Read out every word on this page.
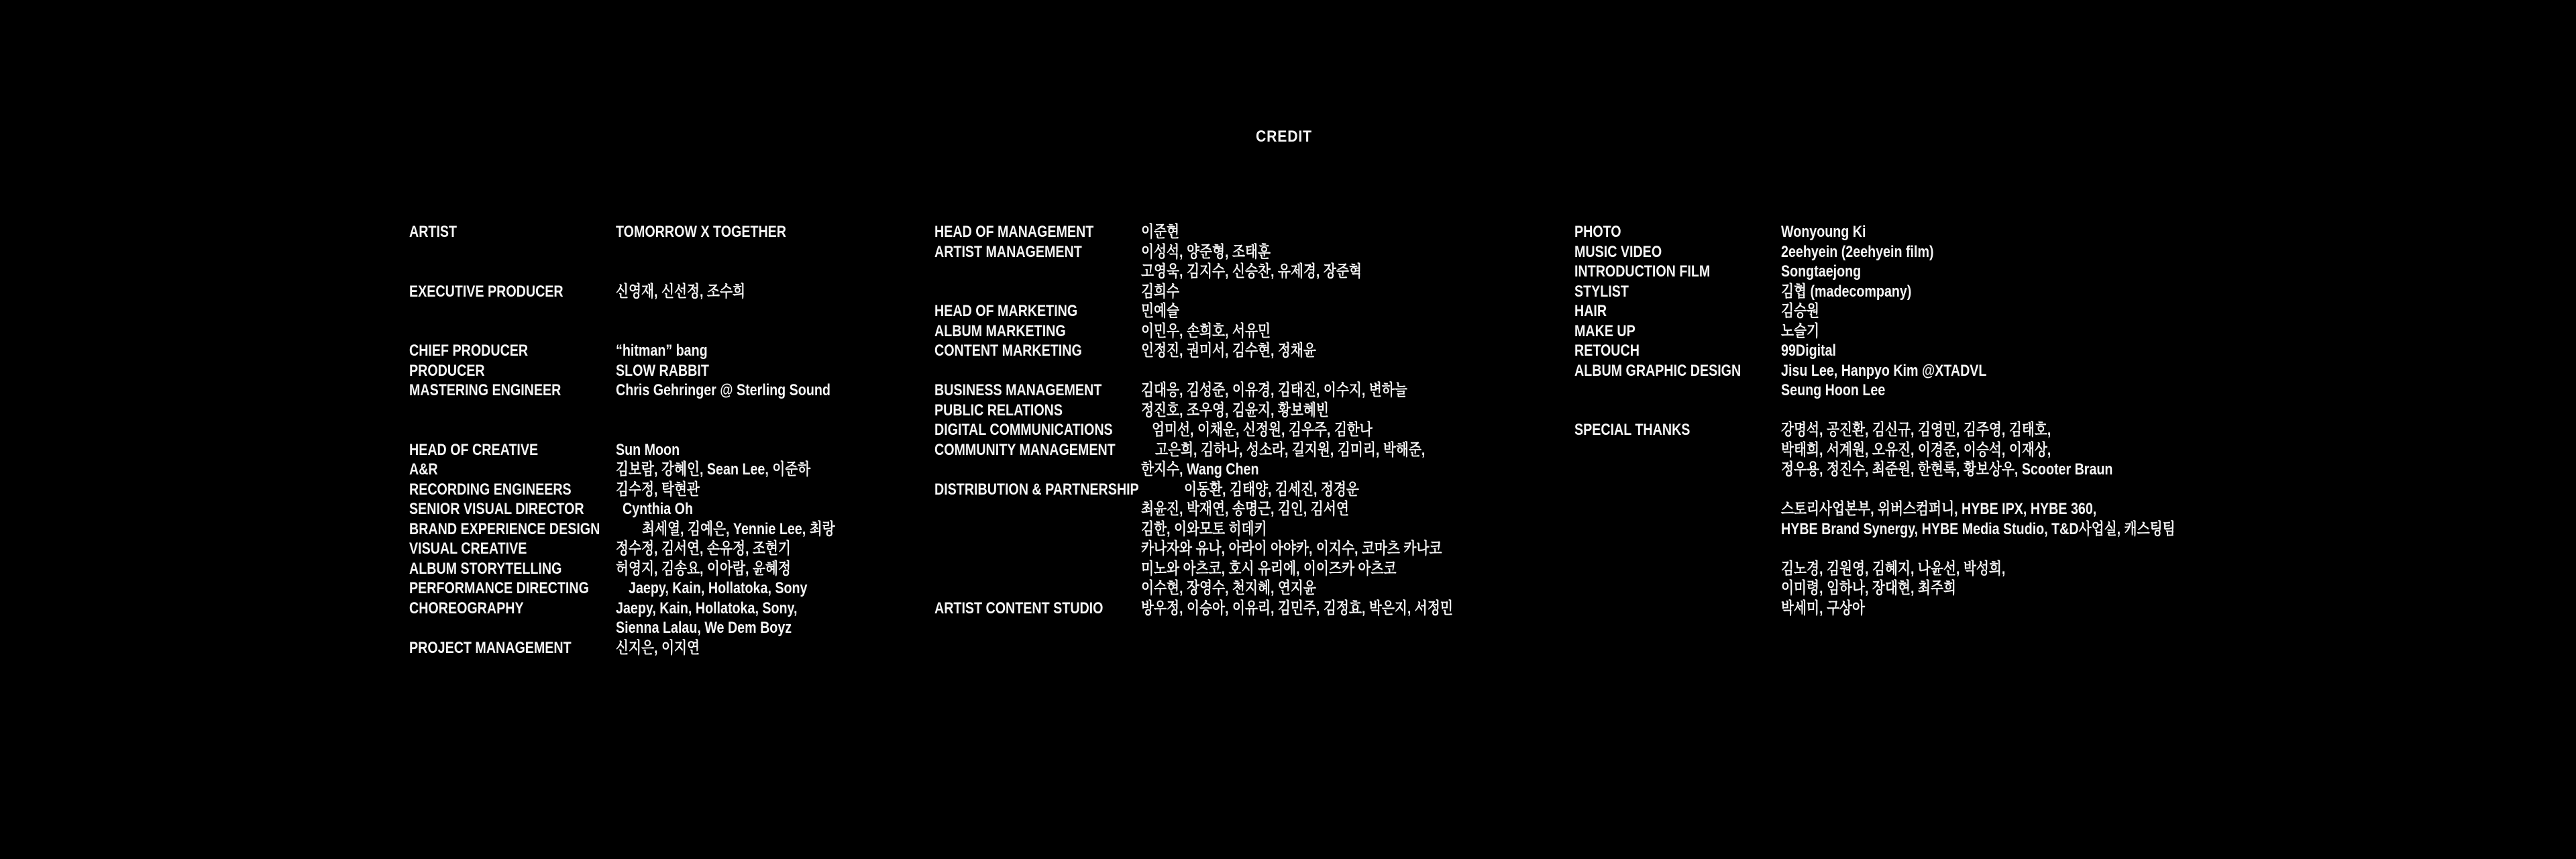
CREDIT
ARTIST	TOMORROW X TOGETHER
EXECUTIVE PRODUCER	신영재, 신선정, 조수희
CHIEF PRODUCER	“hitman” bang
PRODUCER	SLOW RABBIT
MASTERING ENGINEER	Chris Gehringer @ Sterling Sound
HEAD OF CREATIVE	Sun Moon
A&R	김보람, 강혜인, Sean Lee, 이준하
RECORDING ENGINEERS	김수정, 탁현관
SENIOR VISUAL DIRECTOR	Cynthia Oh
BRAND EXPERIENCE DESIGN	최세열, 김예은, Yennie Lee, 최랑
VISUAL CREATIVE	정수정, 김서연, 손유정, 조현기
ALBUM STORYTELLING	허영지, 김송요, 이아람, 윤혜정
PERFORMANCE DIRECTING	Jaepy, Kain, Hollatoka, Sony
CHOREOGRAPHY	Jaepy, Kain, Hollatoka, Sony,
Sienna Lalau, We Dem Boyz
PROJECT MANAGEMENT	신지은, 이지연
HEAD OF MANAGEMENT	이준현
ARTIST MANAGEMENT	이성석, 양준형, 조태훈
고영욱, 김지수, 신승찬, 유제경, 장준혁
김희수
HEAD OF MARKETING	민예슬
ALBUM MARKETING	이민우, 손희호, 서유민
CONTENT MARKETING	인정진, 권미서, 김수현, 정채윤
BUSINESS MANAGEMENT	김대응, 김성준, 이유경, 김태진, 이수지, 변하늘
PUBLIC RELATIONS	정진호, 조우영, 김윤지, 황보혜빈
DIGITAL COMMUNICATIONS	엄미선, 이채운, 신정원, 김우주, 김한나
COMMUNITY MANAGEMENT	고은희, 김하나, 성소라, 길지원, 김미리, 박해준,
한지수, Wang Chen
DISTRIBUTION & PARTNERSHIP	이동환, 김태양, 김세진, 정경운
최윤진, 박재연, 송명근, 김인, 김서연
김한, 이와모토 히데키
카나자와 유나, 아라이 아야카, 이지수, 코마츠 카나코
미노와 아츠코, 호시 유리에, 이이즈카 아츠코
이수현, 장영수, 천지혜, 연지윤
ARTIST CONTENT STUDIO	방우정, 이승아, 이유리, 김민주, 김정효, 박은지, 서정민
PHOTO	Wonyoung Ki
MUSIC VIDEO	2eehyein (2eehyein film)
INTRODUCTION FILM	Songtaejong
STYLIST	김협 (madecompany)
HAIR	김승원
MAKE UP	노슬기
RETOUCH	99Digital
ALBUM GRAPHIC DESIGN	Jisu Lee, Hanpyo Kim @XTADVL
Seung Hoon Lee
SPECIAL THANKS	강명석, 공진환, 김신규, 김영민, 김주영, 김태호,
박태희, 서계원, 오유진, 이경준, 이승석, 이재상,
정우용, 정진수, 최준원, 한현록, 황보상우, Scooter Braun
스토리사업본부, 위버스컴퍼니, HYBE IPX, HYBE 360,
HYBE Brand Synergy, HYBE Media Studio, T&D사업실, 캐스팅팀
김노경, 김원영, 김혜지, 나윤선, 박성희,
이미령, 임하나, 장대현, 최주희
박세미, 구상아
